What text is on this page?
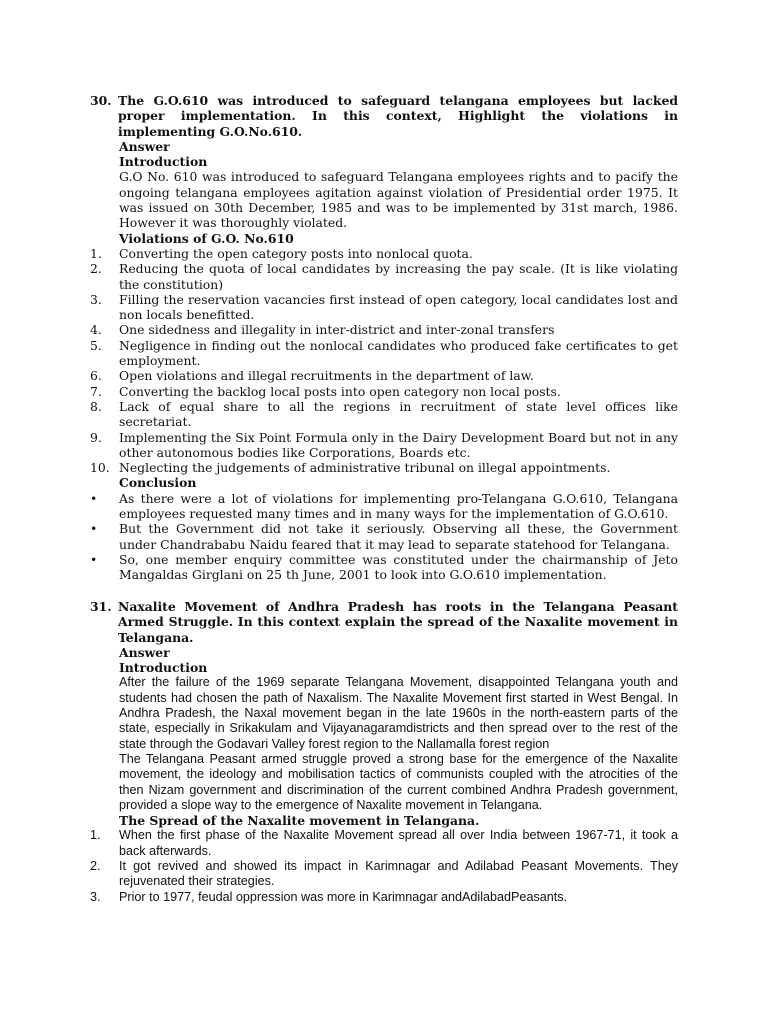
30. The G.O.610 was introduced to safeguard telangana employees but lacked proper implementation. In this context, Highlight the violations in implementing G.O.No.610.
Answer
Introduction

G.O No. 610 was introduced to safeguard Telangana employees rights and to pacify the ongoing telangana employees agitation against violation of Presidential order 1975. It was issued on 30th December, 1985 and was to be implemented by 31st march, 1986. However it was thoroughly violated.

Violations of G.O. No.610
1.	Converting the open category posts into nonlocal quota.
2.	Reducing the quota of local candidates by increasing the pay scale. (It is like violating the constitution)
3.	Filling the reservation vacancies first instead of open category, local candidates lost and non locals benefitted.
4.	One sidedness and illegality in inter-district and inter-zonal transfers
5.	Negligence in finding out the nonlocal candidates who produced fake certificates to get employment.
6.	Open violations and illegal recruitments in the department of law.
7.	Converting the backlog local posts into open category non local posts.
8.	Lack of equal share to all the regions in recruitment of state level offices like secretariat.
9.	Implementing the Six Point Formula only in the Dairy Development Board but not in any other autonomous bodies like Corporations, Boards etc.
10. Neglecting the judgements of administrative tribunal on illegal appointments.
Conclusion
•	As there were a lot of violations for implementing pro-Telangana G.O.610, Telangana employees requested many times and in many ways for the implementation of G.O.610.
•	But the Government did not take it seriously. Observing all these, the Government under Chandrababu Naidu feared that it may lead to separate statehood for Telangana.
•	So, one member enquiry committee was constituted under the chairmanship of Jeto Mangaldas Girglani on 25 th June, 2001 to look into G.O.610 implementation.
31. Naxalite Movement of Andhra Pradesh has roots in the Telangana Peasant Armed Struggle. In this context explain the spread of the Naxalite movement in Telangana.
Answer
Introduction

After the failure of the 1969 separate Telangana Movement, disappointed Telangana youth and students had chosen the path of Naxalism. The Naxalite Movement first started in West Bengal. In Andhra Pradesh, the Naxal movement began in the late 1960s in the north-eastern parts of the state, especially in Srikakulam and Vijayanagaramdistricts and then spread over to the rest of the state through the Godavari Valley forest region to the Nallamalla forest region

The Telangana Peasant armed struggle proved a strong base for the emergence of the Naxalite movement, the ideology and mobilisation tactics of communists coupled with the atrocities of the then Nizam government and discrimination of the current combined Andhra Pradesh government, provided a slope way to the emergence of Naxalite movement in Telangana.

The Spread of the Naxalite movement in Telangana.
1.	When the first phase of the Naxalite Movement spread all over India between 1967-71, it took a back afterwards.
2.	It got revived and showed its impact in Karimnagar and Adilabad Peasant Movements. They rejuvenated their strategies.
3.	Prior to 1977, feudal oppression was more in Karimnagar andAdilabadPeasants.
